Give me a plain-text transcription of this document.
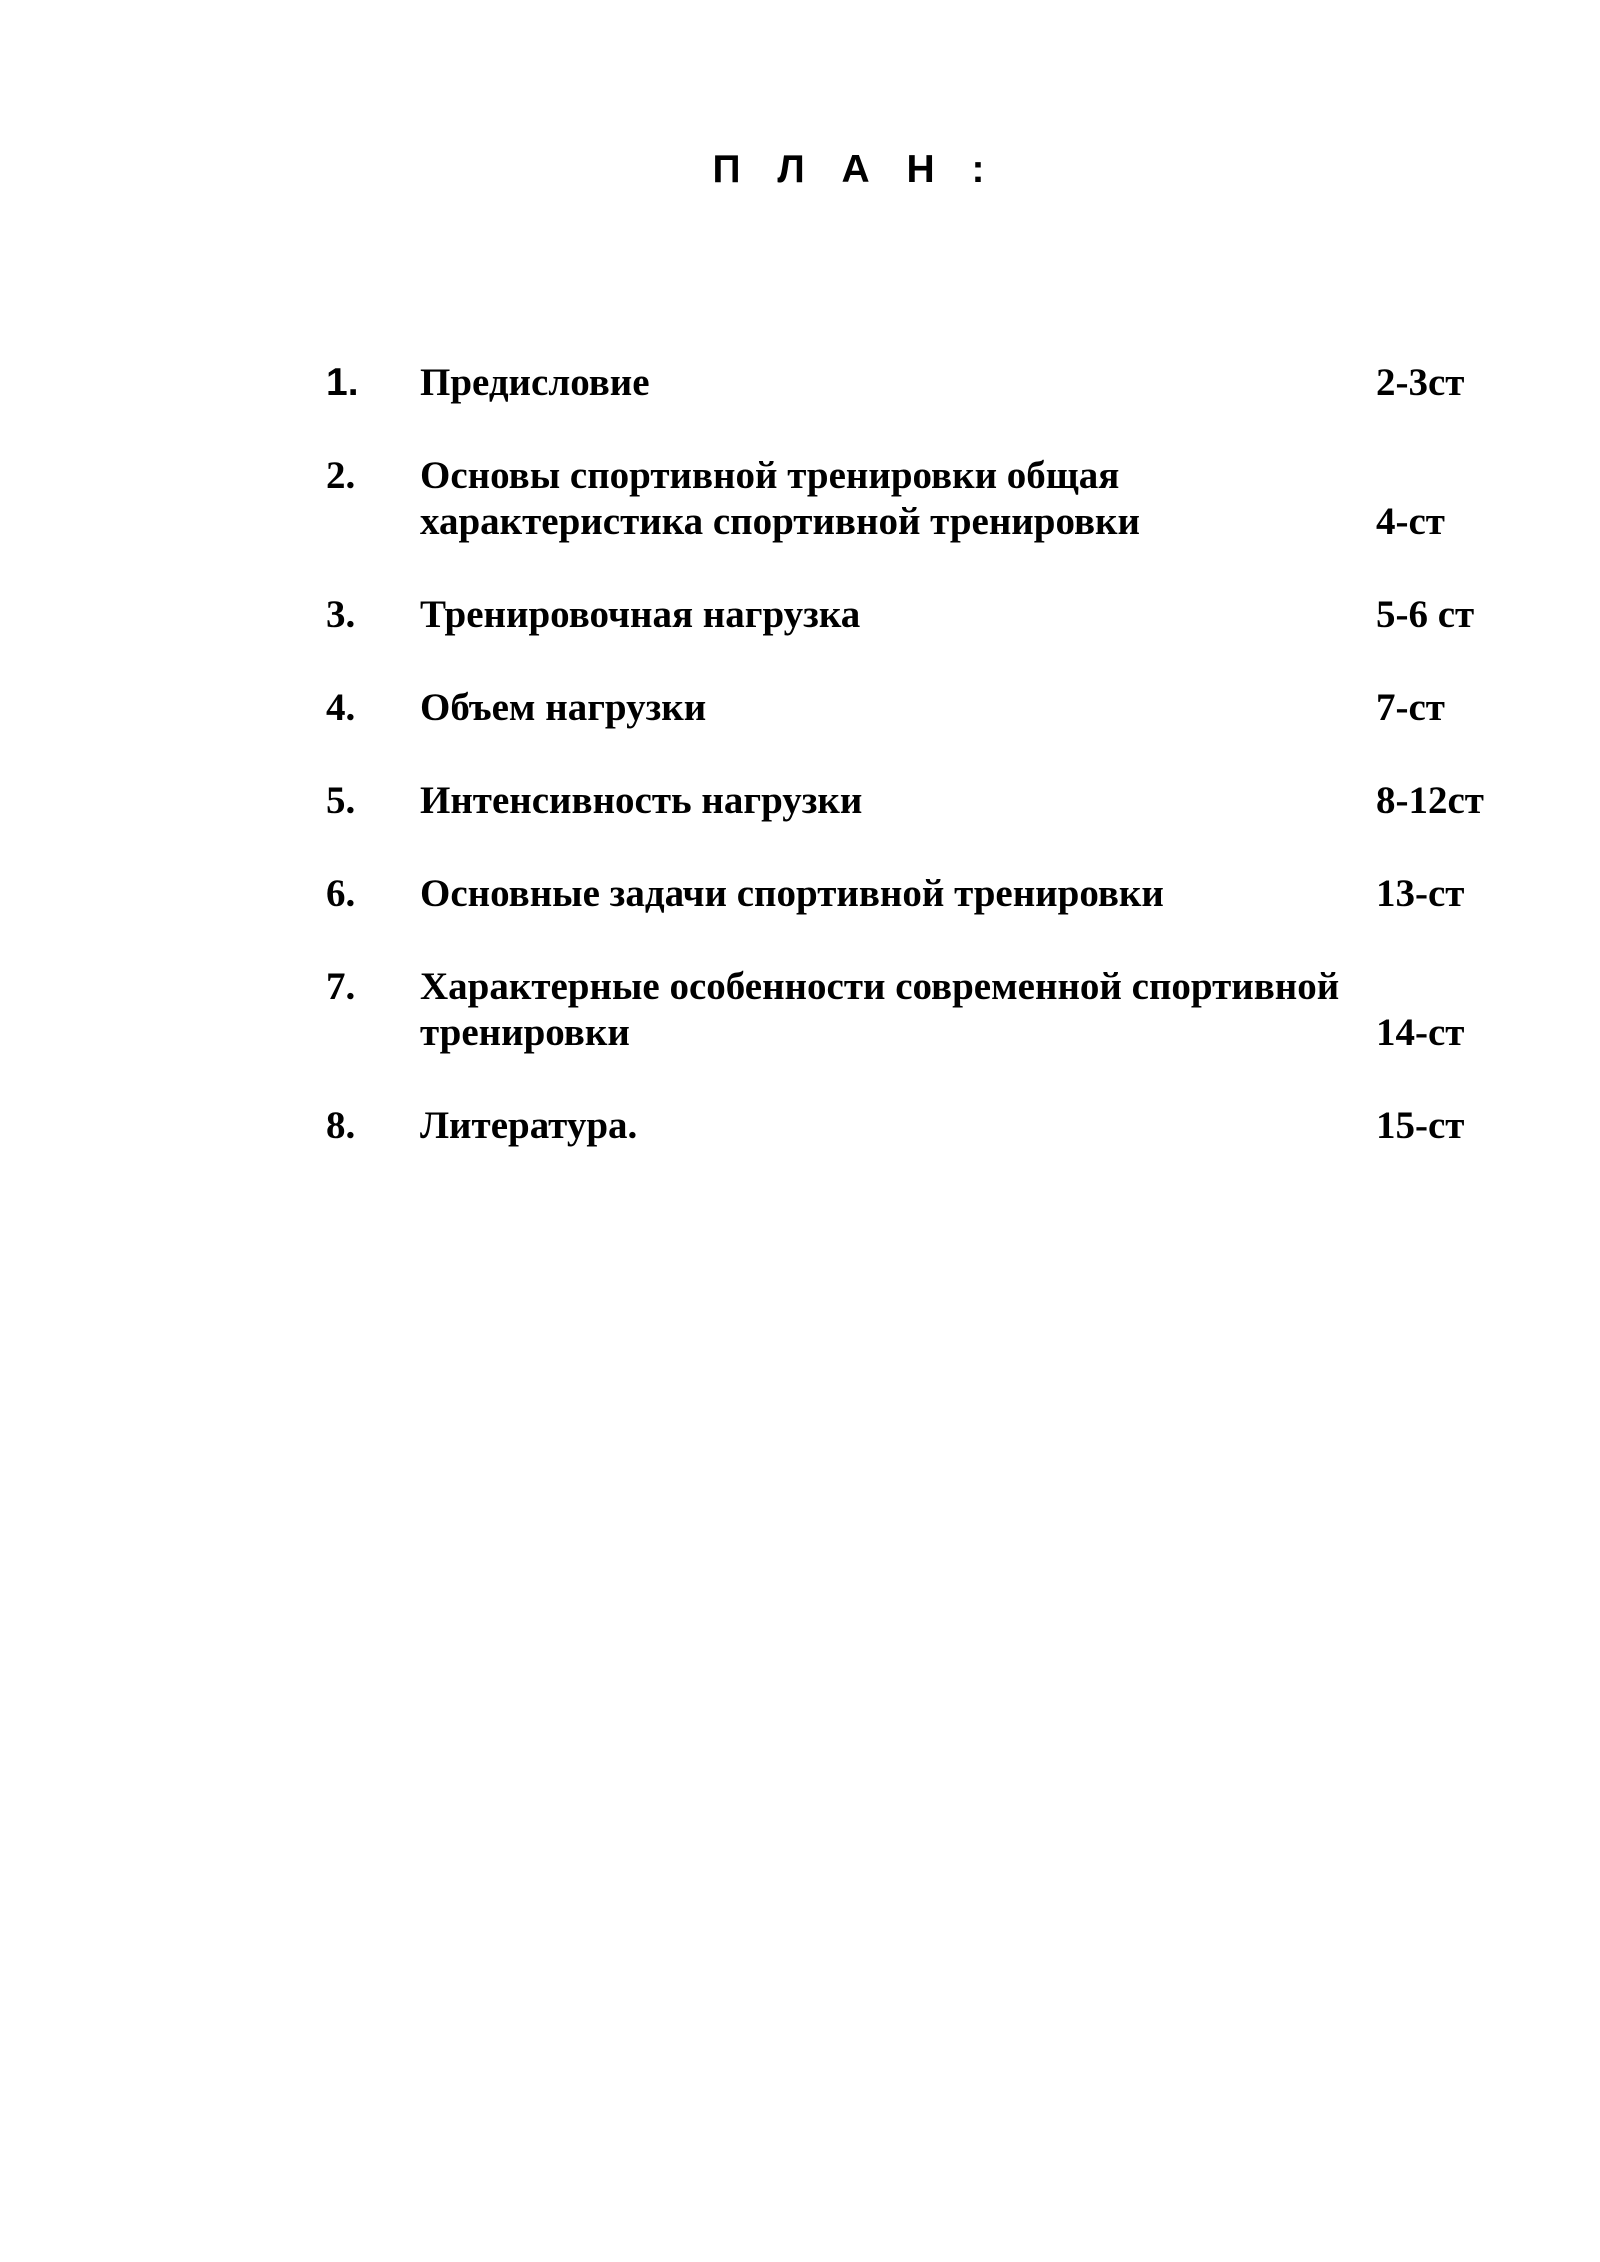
П Л А Н :
1. Предисловие	2-3ст
2. Основы спортивной тренировки общая
характеристика спортивной тренировки	4-ст
3. Тренировочная нагрузка	5-6 ст
4. Объем нагрузки	7-ст
5. Интенсивность нагрузки	8-12ст
6. Основные задачи спортивной тренировки	13-ст
7. Характерные особенности современной спортивной
тренировки	14-ст
8. Литература.	15-ст
